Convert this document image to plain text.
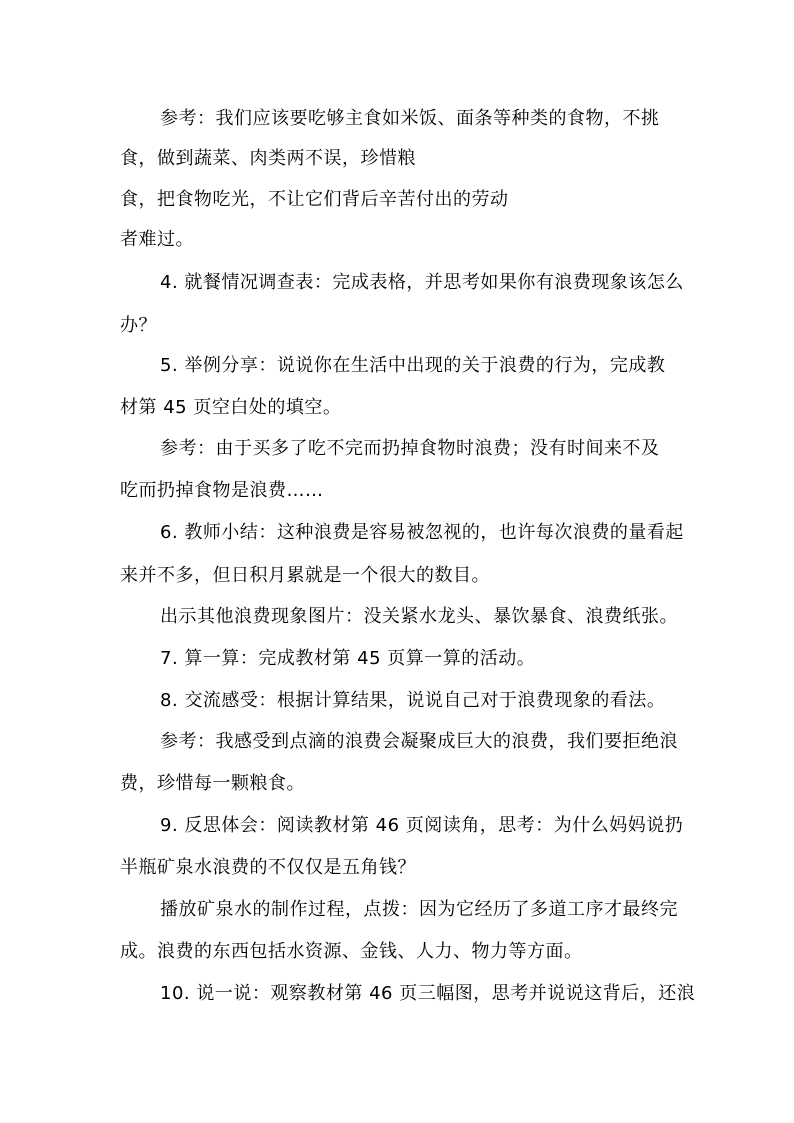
参考：我们应该要吃够主食如米饭、面条等种类的食物，不挑
食，做到蔬菜、肉类两不误，珍惜粮
食，把食物吃光，不让它们背后辛苦付出的劳动
者难过。
4. 就餐情况调查表：完成表格，并思考如果你有浪费现象该怎么
办？
5. 举例分享：说说你在生活中出现的关于浪费的行为，完成教
材第 45 页空白处的填空。
参考：由于买多了吃不完而扔掉食物时浪费；没有时间来不及
吃而扔掉食物是浪费……
6. 教师小结：这种浪费是容易被忽视的，也许每次浪费的量看起
来并不多，但日积月累就是一个很大的数目。
出示其他浪费现象图片：没关紧水龙头、暴饮暴食、浪费纸张。
7. 算一算：完成教材第 45 页算一算的活动。
8. 交流感受：根据计算结果，说说自己对于浪费现象的看法。
参考：我感受到点滴的浪费会凝聚成巨大的浪费，我们要拒绝浪
费，珍惜每一颗粮食。
9. 反思体会：阅读教材第 46 页阅读角，思考：为什么妈妈说扔
半瓶矿泉水浪费的不仅仅是五角钱？
播放矿泉水的制作过程，点拨：因为它经历了多道工序才最终完
成。浪费的东西包括水资源、金钱、人力、物力等方面。
10. 说一说：观察教材第 46 页三幅图，思考并说说这背后，还浪
